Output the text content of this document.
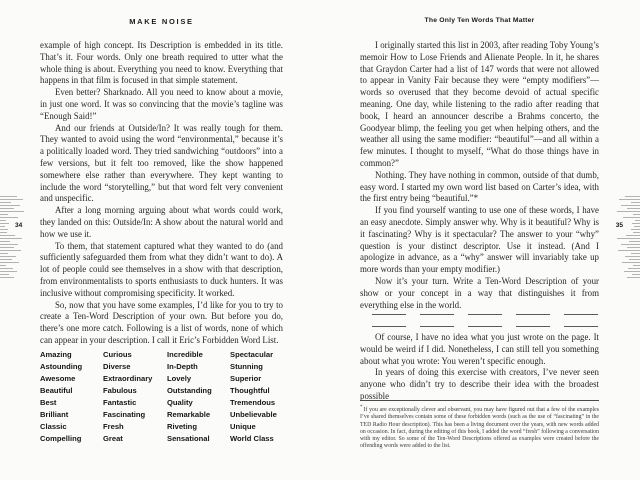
34	35
MAKE NOISE

example of high concept. Its Description is embedded in its title. That’s it. Four words. Only one breath required to utter what the whole thing is about. Everything you need to know. Everything that happens in that film is focused in that simple statement.

Even better? Sharknado. All you need to know about a movie, in just one word. It was so convincing that the movie’s tagline was “Enough Said!”

And our friends at Outside/In? It was really tough for them. They wanted to avoid using the word “environmental,” because it’s a politically loaded word. They tried sandwiching “outdoors” into a few versions, but it felt too removed, like the show happened somewhere else rather than everywhere. They kept wanting to include the word “storytelling,” but that word felt very convenient and unspecific.

After a long morning arguing about what words could work, they landed on this: Outside/In: A show about the natural world and how we use it.

To them, that statement captured what they wanted to do (and sufficiently safeguarded them from what they didn’t want to do). A lot of people could see themselves in a show with that description, from environmentalists to sports enthusiasts to duck hunters. It was inclusive without compromising specificity. It worked.

So, now that you have some examples, I’d like for you to try to create a Ten-Word Description of your own. But before you do, there’s one more catch. Following is a list of words, none of which can appear in your description. I call it Eric’s Forbidden Word List.

Amazing
Astounding
Awesome
Beautiful
Best
Brilliant
Classic
Compelling
Curious
Diverse
Extraordinary
Fabulous
Fantastic
Fascinating
Fresh
Great
Incredible
In-Depth
Lovely
Outstanding
Quality
Remarkable
Riveting
Sensational
Spectacular
Stunning
Superior
Thoughtful
Tremendous
Unbelievable
Unique
World Class
The Only Ten Words That Matter

I originally started this list in 2003, after reading Toby Young’s memoir How to Lose Friends and Alienate People. In it, he shares that Graydon Carter had a list of 147 words that were not allowed to appear in Vanity Fair because they were “empty modifiers”—words so overused that they become devoid of actual specific meaning. One day, while listening to the radio after reading that book, I heard an announcer describe a Brahms concerto, the Goodyear blimp, the feeling you get when helping others, and the weather all using the same modifier: “beautiful”—and all within a few minutes. I thought to myself, “What do those things have in common?”

Nothing. They have nothing in common, outside of that dumb, easy word. I started my own word list based on Carter’s idea, with the first entry being “beautiful.”*

If you find yourself wanting to use one of these words, I have an easy anecdote. Simply answer why. Why is it beautiful? Why is it fascinating? Why is it spectacular? The answer to your “why” question is your distinct descriptor. Use it instead. (And I apologize in advance, as a “why” answer will invariably take up more words than your empty modifier.)

Now it’s your turn. Write a Ten-Word Description of your show or your concept in a way that distinguishes it from everything else in the world.

Of course, I have no idea what you just wrote on the page. It would be weird if I did. Nonetheless, I can still tell you something about what you wrote: You weren’t specific enough.

In years of doing this exercise with creators, I’ve never seen anyone who didn’t try to describe their idea with the broadest possible

*If you are exceptionally clever and observant, you may have figured out that a few of the examples I’ve shared themselves contain some of these forbidden words (such as the use of “fascinating” in the TED Radio Hour description). This has been a living document over the years, with new words added on occasion. In fact, during the editing of this book, I added the word “fresh” following a conversation with my editor. So some of the Ten-Word Descriptions offered as examples were created before the offending words were added to the list.
